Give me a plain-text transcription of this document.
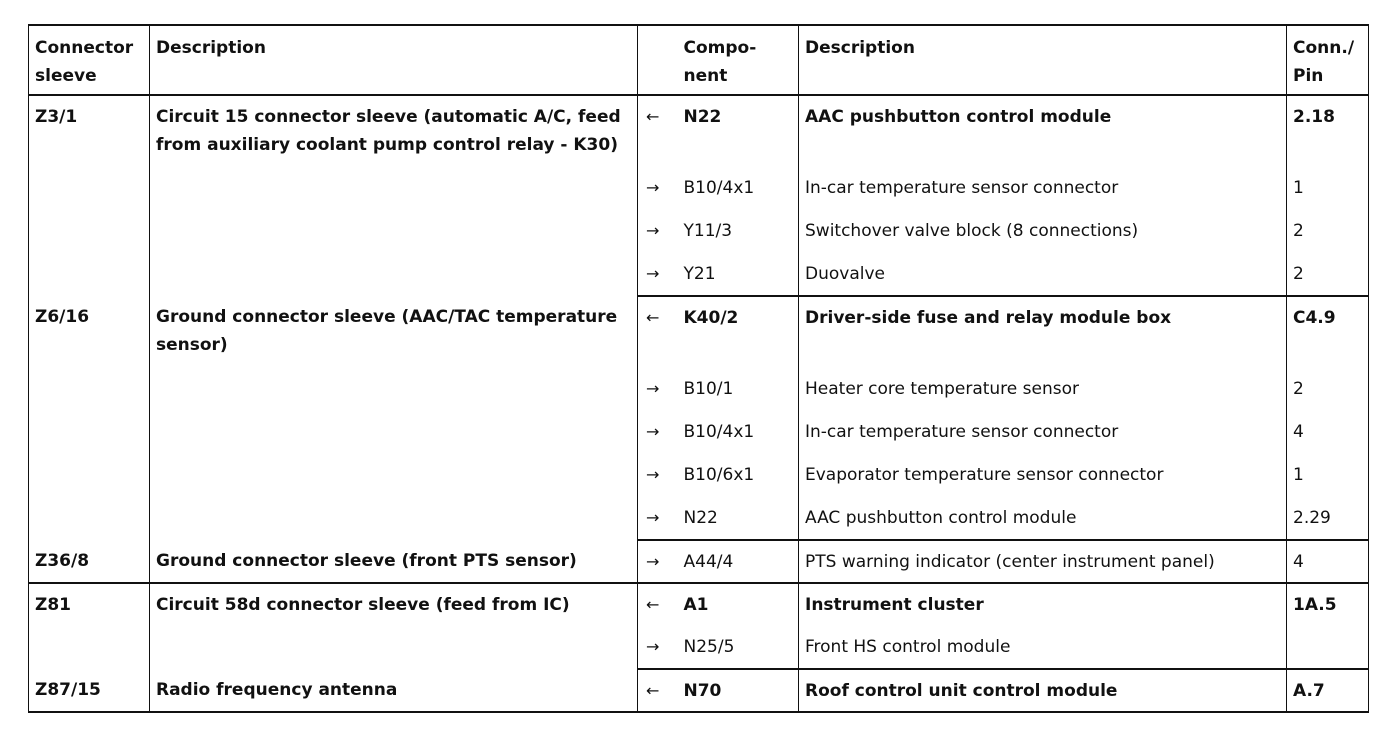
Connector sleeve	Description		Compo- nent	Description	Conn./ Pin
Z3/1	Circuit 15 connector sleeve (automatic A/C, feed from auxiliary coolant pump control relay - K30)	←	N22	AAC pushbutton control module	2.18
		→	B10/4x1	In-car temperature sensor connector	1
		→	Y11/3	Switchover valve block (8 connections)	2
		→	Y21	Duovalve	2
Z6/16	Ground connector sleeve (AAC/TAC temperature sensor)	←	K40/2	Driver-side fuse and relay module box	C4.9
		→	B10/1	Heater core temperature sensor	2
		→	B10/4x1	In-car temperature sensor connector	4
		→	B10/6x1	Evaporator temperature sensor connector	1
		→	N22	AAC pushbutton control module	2.29
Z36/8	Ground connector sleeve (front PTS sensor)	→	A44/4	PTS warning indicator (center instrument panel)	4
Z81	Circuit 58d connector sleeve (feed from IC)	←	A1	Instrument cluster	1A.5
		→	N25/5	Front HS control module	
Z87/15	Radio frequency antenna	←	N70	Roof control unit control module	A.7
